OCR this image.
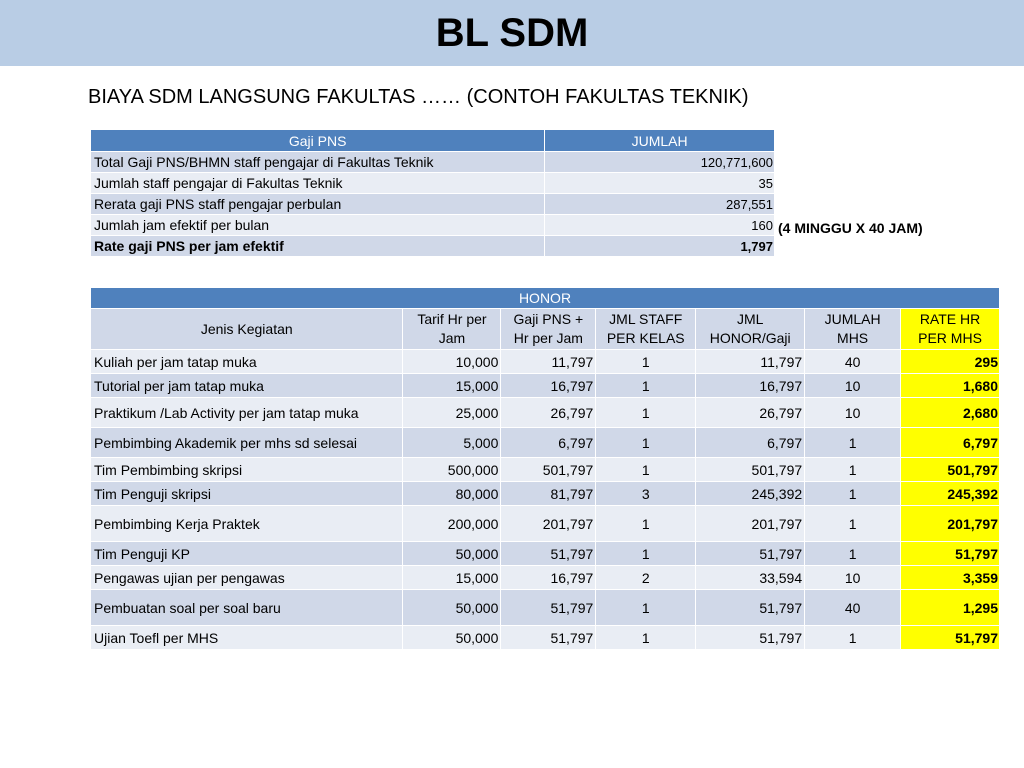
BL SDM
BIAYA SDM LANGSUNG FAKULTAS …… (CONTOH FAKULTAS TEKNIK)
Gaji PNS	JUMLAH
Total Gaji PNS/BHMN staff pengajar di Fakultas Teknik	120,771,600
Jumlah staff pengajar di Fakultas Teknik	35
Rerata gaji PNS staff pengajar perbulan	287,551
Jumlah jam efektif per bulan	160
Rate gaji PNS per jam efektif	1,797
(4 MINGGU X 40 JAM)
HONOR						
Jenis Kegiatan	Tarif Hr per Jam	Gaji PNS + Hr per Jam	JML STAFF PER KELAS	JML HONOR/Gaji	JUMLAH MHS	RATE HR PER MHS
Kuliah per jam tatap muka	10,000	11,797	1	11,797	40	295
Tutorial per jam tatap muka	15,000	16,797	1	16,797	10	1,680
Praktikum /Lab Activity per jam tatap muka	25,000	26,797	1	26,797	10	2,680
Pembimbing Akademik per mhs sd selesai	5,000	6,797	1	6,797	1	6,797
Tim Pembimbing skripsi	500,000	501,797	1	501,797	1	501,797
Tim Penguji skripsi	80,000	81,797	3	245,392	1	245,392
Pembimbing Kerja Praktek	200,000	201,797	1	201,797	1	201,797
Tim Penguji KP	50,000	51,797	1	51,797	1	51,797
Pengawas ujian per pengawas	15,000	16,797	2	33,594	10	3,359
Pembuatan soal per soal baru	50,000	51,797	1	51,797	40	1,295
Ujian Toefl per MHS	50,000	51,797	1	51,797	1	51,797
